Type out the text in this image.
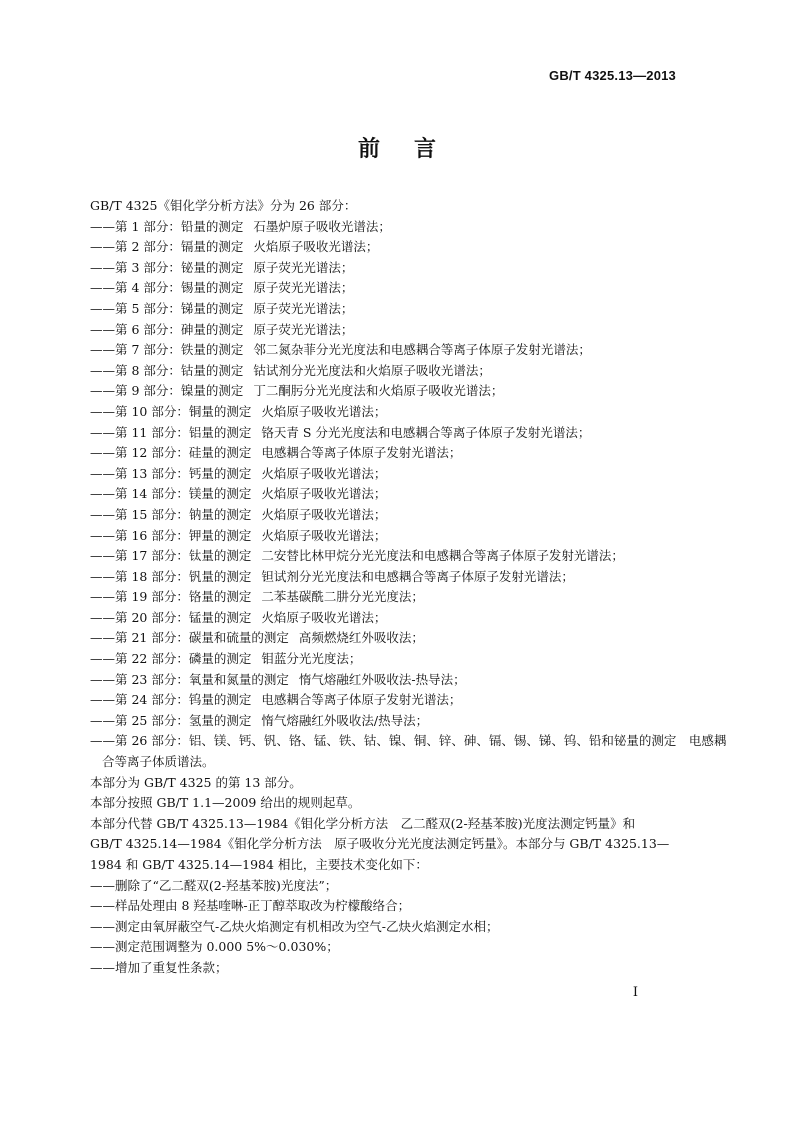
GB/T 4325.13—2013
前言
GB/T 4325《钼化学分析方法》分为 26 部分：
——第 1 部分：铅量的测定 石墨炉原子吸收光谱法；
——第 2 部分：镉量的测定 火焰原子吸收光谱法；
——第 3 部分：铋量的测定 原子荧光光谱法；
——第 4 部分：锡量的测定 原子荧光光谱法；
——第 5 部分：锑量的测定 原子荧光光谱法；
——第 6 部分：砷量的测定 原子荧光光谱法；
——第 7 部分：铁量的测定 邻二氮杂菲分光光度法和电感耦合等离子体原子发射光谱法；
——第 8 部分：钴量的测定 钴试剂分光光度法和火焰原子吸收光谱法；
——第 9 部分：镍量的测定 丁二酮肟分光光度法和火焰原子吸收光谱法；
——第 10 部分：铜量的测定 火焰原子吸收光谱法；
——第 11 部分：铝量的测定 铬天青 S 分光光度法和电感耦合等离子体原子发射光谱法；
——第 12 部分：硅量的测定 电感耦合等离子体原子发射光谱法；
——第 13 部分：钙量的测定 火焰原子吸收光谱法；
——第 14 部分：镁量的测定 火焰原子吸收光谱法；
——第 15 部分：钠量的测定 火焰原子吸收光谱法；
——第 16 部分：钾量的测定 火焰原子吸收光谱法；
——第 17 部分：钛量的测定 二安替比林甲烷分光光度法和电感耦合等离子体原子发射光谱法；
——第 18 部分：钒量的测定 钽试剂分光光度法和电感耦合等离子体原子发射光谱法；
——第 19 部分：铬量的测定 二苯基碳酰二肼分光光度法；
——第 20 部分：锰量的测定 火焰原子吸收光谱法；
——第 21 部分：碳量和硫量的测定 高频燃烧红外吸收法；
——第 22 部分：磷量的测定 钼蓝分光光度法；
——第 23 部分：氧量和氮量的测定 惰气熔融红外吸收法-热导法；
——第 24 部分：钨量的测定 电感耦合等离子体原子发射光谱法；
——第 25 部分：氢量的测定 惰气熔融红外吸收法/热导法；
——第 26 部分：铝、镁、钙、钒、铬、锰、铁、钴、镍、铜、锌、砷、镉、锡、锑、钨、铅和铋量的测定　电感耦
合等离子体质谱法。
本部分为 GB/T 4325 的第 13 部分。
本部分按照 GB/T 1.1—2009 给出的规则起草。
本部分代替 GB/T 4325.13—1984《钼化学分析方法　乙二醛双(2-羟基苯胺)光度法测定钙量》和
GB/T 4325.14—1984《钼化学分析方法　原子吸收分光光度法测定钙量》。本部分与 GB/T 4325.13—
1984 和 GB/T 4325.14—1984 相比，主要技术变化如下：
——删除了“乙二醛双(2-羟基苯胺)光度法”；
——样品处理由 8 羟基喹啉-正丁醇萃取改为柠檬酸络合；
——测定由氧屏蔽空气-乙炔火焰测定有机相改为空气-乙炔火焰测定水相；
——测定范围调整为 0.000 5%～0.030%；
——增加了重复性条款；
I
